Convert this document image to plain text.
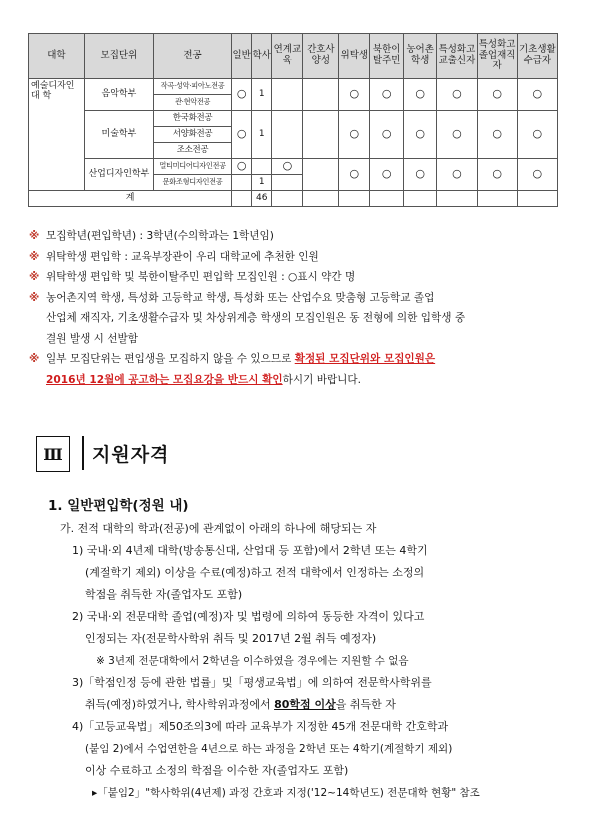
대학	모집단위	전공	일반	학사	연계교육	간호사양성	위탁생	북한이탈주민	농어촌학생	특성화고교출신자	특성화고졸업재직자	기초생활수급자
예술디자인 대 학	음악학부	작곡·성악·피아노전공	○	1			○	○	○	○	○	○
		관·현악전공										
	미술학부	한국화전공	○	1			○	○	○	○	○	○
		서양화전공										
		조소전공										
	산업디자인학부	멀티미디어디자인전공	○		○		○	○	○	○	○	○
		문화조형디자인전공		1								
계				46								
※ 모집학년(편입학년) : 3학년(수의학과는 1학년임)
※ 위탁학생 편입학 : 교육부장관이 우리 대학교에 추천한 인원
※ 위탁학생 편입학 및 북한이탈주민 편입학 모집인원 : ○표시 약간 명
※ 농어촌지역 학생, 특성화 고등학교 학생, 특성화 또는 산업수요 맞춤형 고등학교 졸업
산업체 재직자, 기초생활수급자 및 차상위계층 학생의 모집인원은 동 전형에 의한 입학생 중
결원 발생 시 선발함
※ 일부 모집단위는 편입생을 모집하지 않을 수 있으므로 확정된 모집단위와 모집인원은
2016년 12월에 공고하는 모집요강을 반드시 확인하시기 바랍니다.
Ⅲ	지원자격
1. 일반편입학(정원 내)
가. 전적 대학의 학과(전공)에 관계없이 아래의 하나에 해당되는 자
1) 국내·외 4년제 대학(방송통신대, 산업대 등 포함)에서 2학년 또는 4학기
(계절학기 제외) 이상을 수료(예정)하고 전적 대학에서 인정하는 소정의
학점을 취득한 자(졸업자도 포함)
2) 국내·외 전문대학 졸업(예정)자 및 법령에 의하여 동등한 자격이 있다고
인정되는 자(전문학사학위 취득 및 2017년 2월 취득 예정자)
※ 3년제 전문대학에서 2학년을 이수하였을 경우에는 지원할 수 없음
3)「학점인정 등에 관한 법률」및「평생교육법」에 의하여 전문학사학위를
취득(예정)하였거나, 학사학위과정에서 80학점 이상을 취득한 자
4)「고등교육법」제50조의3에 따라 교육부가 지정한 45개 전문대학 간호학과
(붙임 2)에서 수업연한을 4년으로 하는 과정을 2학년 또는 4학기(계절학기 제외)
이상 수료하고 소정의 학점을 이수한 자(졸업자도 포함)
▸「붙임2」"학사학위(4년제) 과정 간호과 지정('12~14학년도) 전문대학 현황" 참조
